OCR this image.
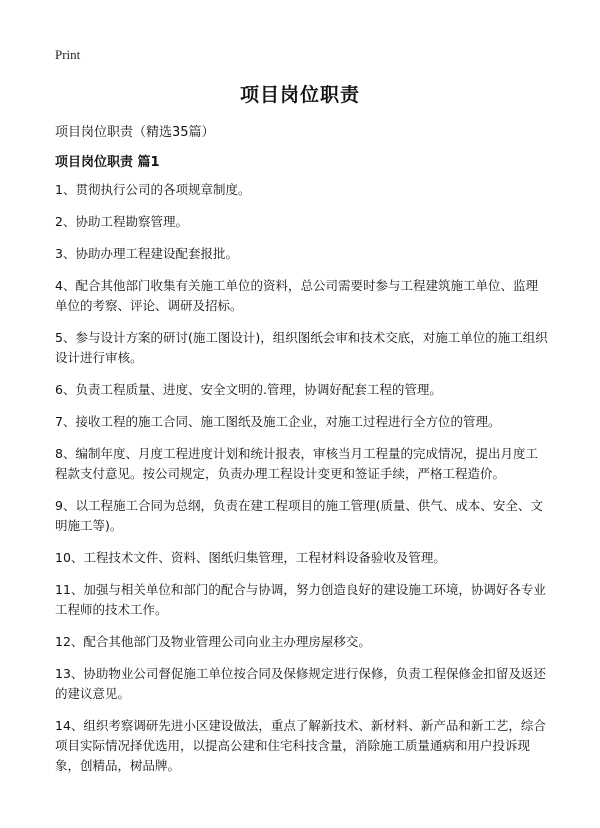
Print
项目岗位职责

项目岗位职责（精选35篇）

项目岗位职责 篇1
1、贯彻执行公司的各项规章制度。
2、协助工程勘察管理。
3、协助办理工程建设配套报批。
4、配合其他部门收集有关施工单位的资料，总公司需要时参与工程建筑施工单位、监理单位的考察、评论、调研及招标。
5、参与设计方案的研讨(施工图设计)，组织图纸会审和技术交底，对施工单位的施工组织设计进行审核。
6、负责工程质量、进度、安全文明的.管理，协调好配套工程的管理。
7、接收工程的施工合同、施工图纸及施工企业，对施工过程进行全方位的管理。
8、编制年度、月度工程进度计划和统计报表，审核当月工程量的完成情况，提出月度工程款支付意见。按公司规定，负责办理工程设计变更和签证手续，严格工程造价。
9、以工程施工合同为总纲，负责在建工程项目的施工管理(质量、供气、成本、安全、文明施工等)。
10、工程技术文件、资料、图纸归集管理，工程材料设备验收及管理。
11、加强与相关单位和部门的配合与协调，努力创造良好的建设施工环境，协调好各专业工程师的技术工作。
12、配合其他部门及物业管理公司向业主办理房屋移交。
13、协助物业公司督促施工单位按合同及保修规定进行保修，负责工程保修金扣留及返还的建议意见。
14、组织考察调研先进小区建设做法，重点了解新技术、新材料、新产品和新工艺，综合项目实际情况择优选用，以提高公建和住宅科技含量，消除施工质量通病和用户投诉现象，创精品，树品牌。
